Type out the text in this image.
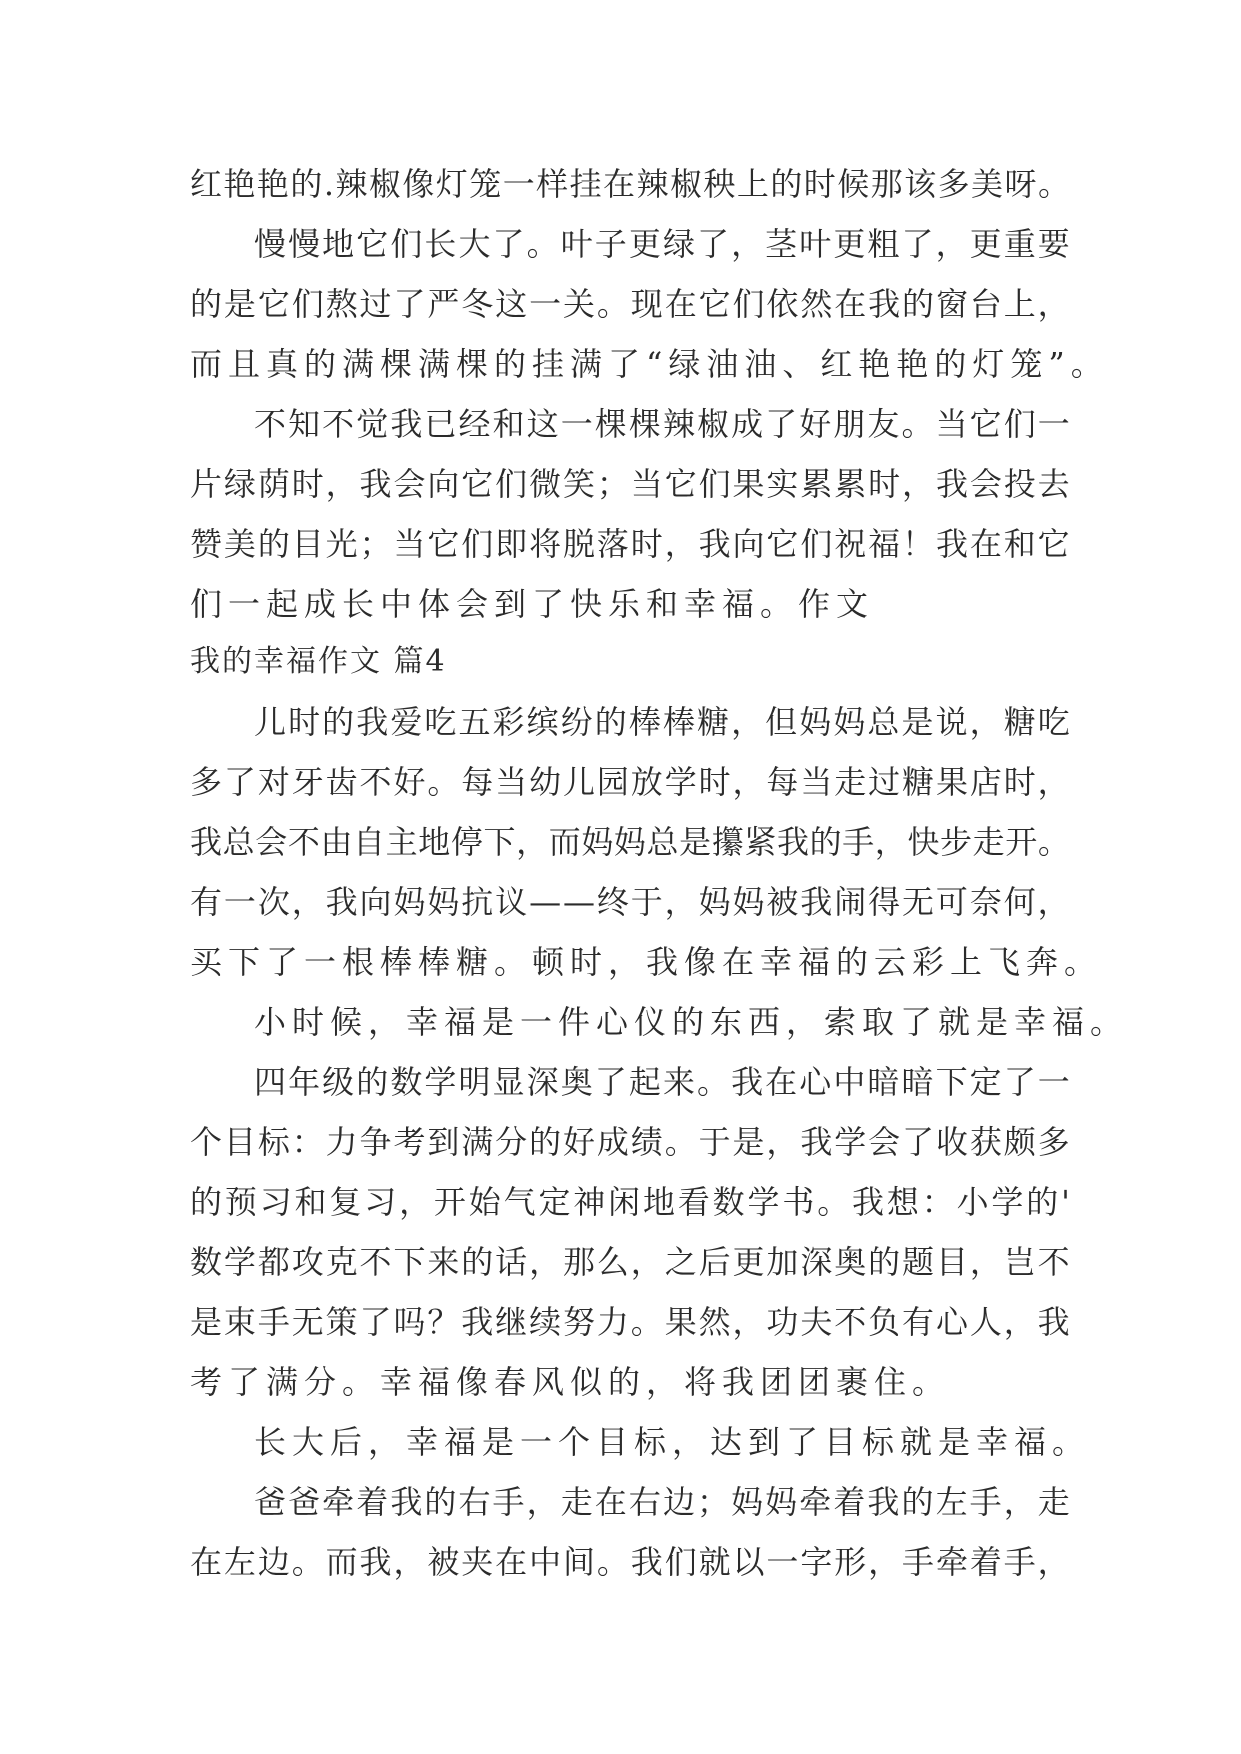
红 艳 艳 的 . 辣 椒 像 灯 笼 一 样 挂 在 辣 椒 秧 上 的 时 候 那 该 多 美 呀 。
慢 慢 地 它 们 长 大 了 。 叶 子 更 绿 了 ， 茎 叶 更 粗 了 ， 更 重 要
的 是 它 们 熬 过 了 严 冬 这 一 关 。 现 在 它 们 依 然 在 我 的 窗 台 上 ，
而且真的满棵满棵的挂满了“绿油油、红艳艳的灯笼”。
不 知 不 觉 我 已 经 和 这 一 棵 棵 辣 椒 成 了 好 朋 友 。 当 它 们 一
片 绿 荫 时 ， 我 会 向 它 们 微 笑 ； 当 它 们 果 实 累 累 时 ， 我 会 投 去
赞 美 的 目 光 ； 当 它 们 即 将 脱 落 时 ， 我 向 它 们 祝 福 ！ 我 在 和 它
们一起成长中体会到了快乐和幸福。作文
我的幸福作文 篇4
儿 时 的 我 爱 吃 五 彩 缤 纷 的 棒 棒 糖 ， 但 妈 妈 总 是 说 ， 糖 吃
多 了 对 牙 齿 不 好 。 每 当 幼 儿 园 放 学 时 ， 每 当 走 过 糖 果 店 时 ，
我 总 会 不 由 自 主 地 停 下 ， 而 妈 妈 总 是 攥 紧 我 的 手 ， 快 步 走 开 。
有 一 次 ， 我 向 妈 妈 抗 议 — — 终 于 ， 妈 妈 被 我 闹 得 无 可 奈 何 ，
买下了一根棒棒糖。顿时，我像在幸福的云彩上飞奔。
小时候，幸福是一件心仪的东西，索取了就是幸福。
四 年 级 的 数 学 明 显 深 奥 了 起 来 。 我 在 心 中 暗 暗 下 定 了 一
个 目 标 ： 力 争 考 到 满 分 的 好 成 绩 。 于 是 ， 我 学 会 了 收 获 颇 多
的 预 习 和 复 习 ， 开 始 气 定 神 闲 地 看 数 学 书 。 我 想 ： 小 学 的 '
数 学 都 攻 克 不 下 来 的 话 ， 那 么 ， 之 后 更 加 深 奥 的 题 目 ， 岂 不
是 束 手 无 策 了 吗 ？ 我 继 续 努 力 。 果 然 ， 功 夫 不 负 有 心 人 ， 我
考了满分。幸福像春风似的，将我团团裹住。
长大后，幸福是一个目标，达到了目标就是幸福。
爸 爸 牵 着 我 的 右 手 ， 走 在 右 边 ； 妈 妈 牵 着 我 的 左 手 ， 走
在 左 边 。 而 我 ， 被 夹 在 中 间 。 我 们 就 以 一 字 形 ， 手 牵 着 手 ，
